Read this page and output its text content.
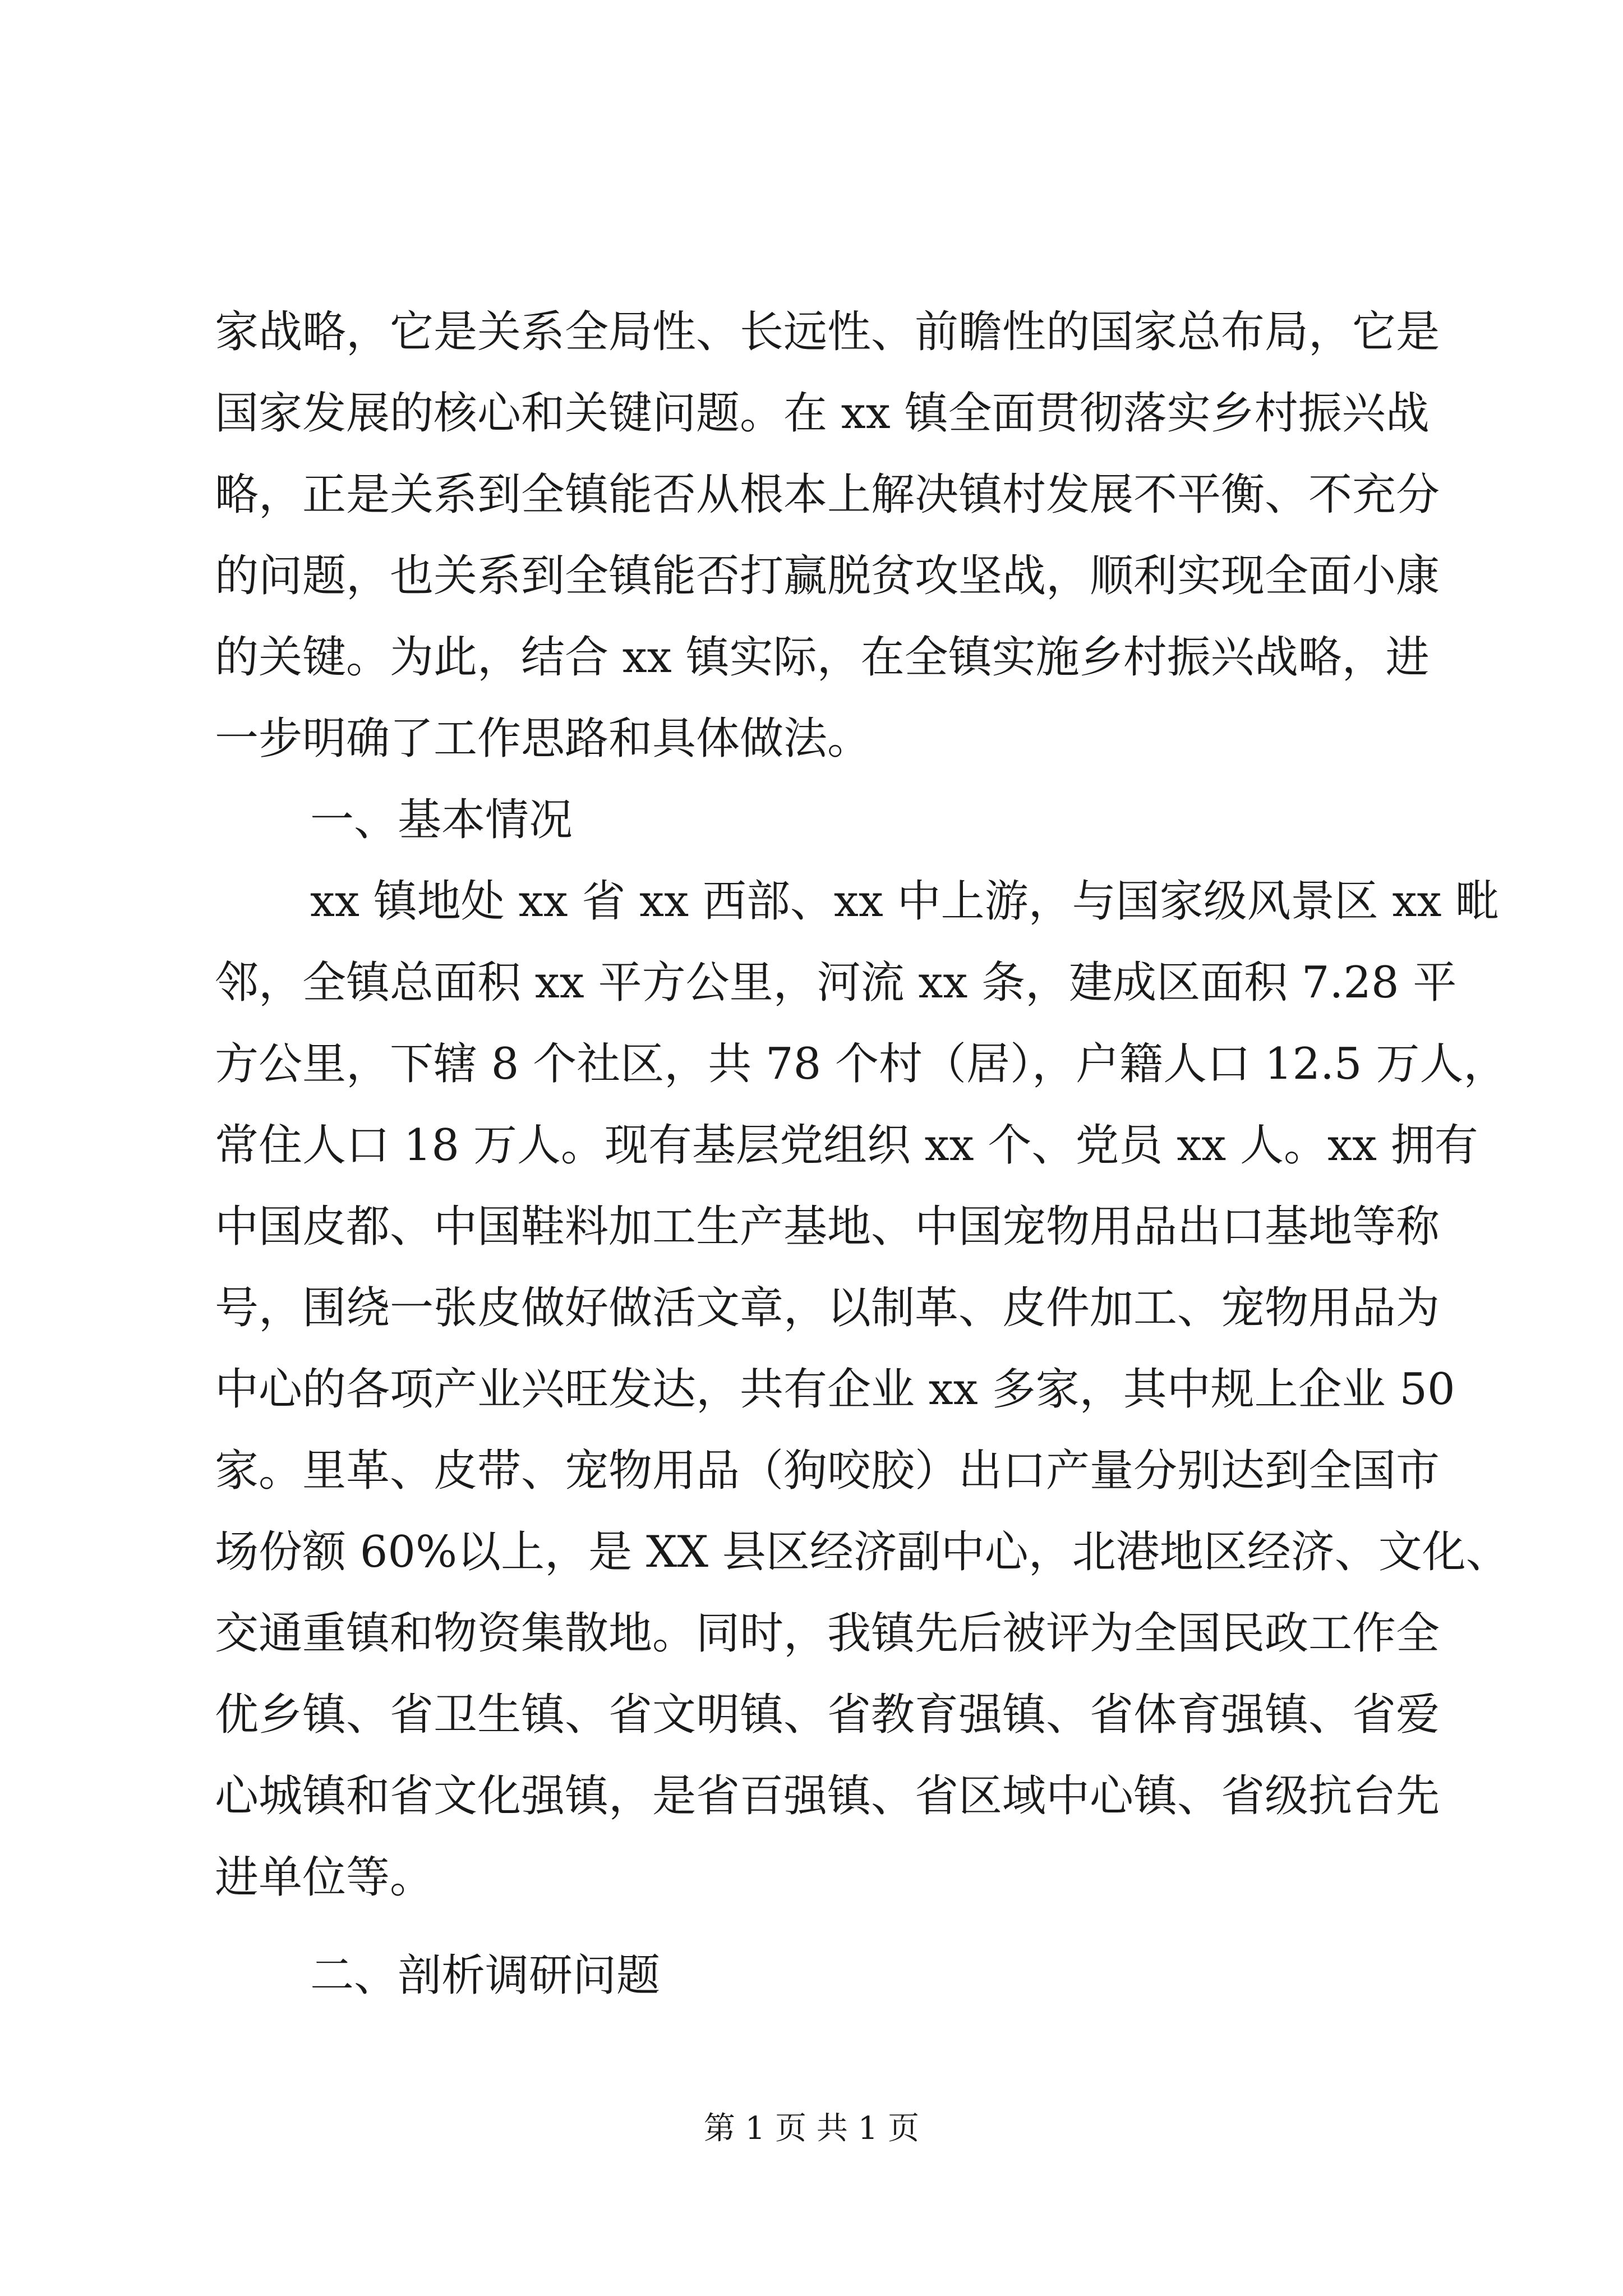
家战略，它是关系全局性、长远性、前瞻性的国家总布局，它是
国家发展的核心和关键问题。在 xx 镇全面贯彻落实乡村振兴战
略，正是关系到全镇能否从根本上解决镇村发展不平衡、不充分
的问题，也关系到全镇能否打赢脱贫攻坚战，顺利实现全面小康
的关键。为此，结合 xx 镇实际，在全镇实施乡村振兴战略，进
一步明确了工作思路和具体做法。
一、基本情况
xx 镇地处 xx 省 xx 西部、xx 中上游，与国家级风景区 xx 毗
邻，全镇总面积 xx 平方公里，河流 xx 条，建成区面积 7.28 平
方公里，下辖 8 个社区，共 78 个村（居），户籍人口 12.5 万人，
常住人口 18 万人。现有基层党组织 xx 个、党员 xx 人。xx 拥有
中国皮都、中国鞋料加工生产基地、中国宠物用品出口基地等称
号，围绕一张皮做好做活文章，以制革、皮件加工、宠物用品为
中心的各项产业兴旺发达，共有企业 xx 多家，其中规上企业 50
家。里革、皮带、宠物用品（狗咬胶）出口产量分别达到全国市
场份额 60%以上，是 XX 县区经济副中心，北港地区经济、文化、
交通重镇和物资集散地。同时，我镇先后被评为全国民政工作全
优乡镇、省卫生镇、省文明镇、省教育强镇、省体育强镇、省爱
心城镇和省文化强镇，是省百强镇、省区域中心镇、省级抗台先
进单位等。
二、剖析调研问题
第 1 页 共 1 页
